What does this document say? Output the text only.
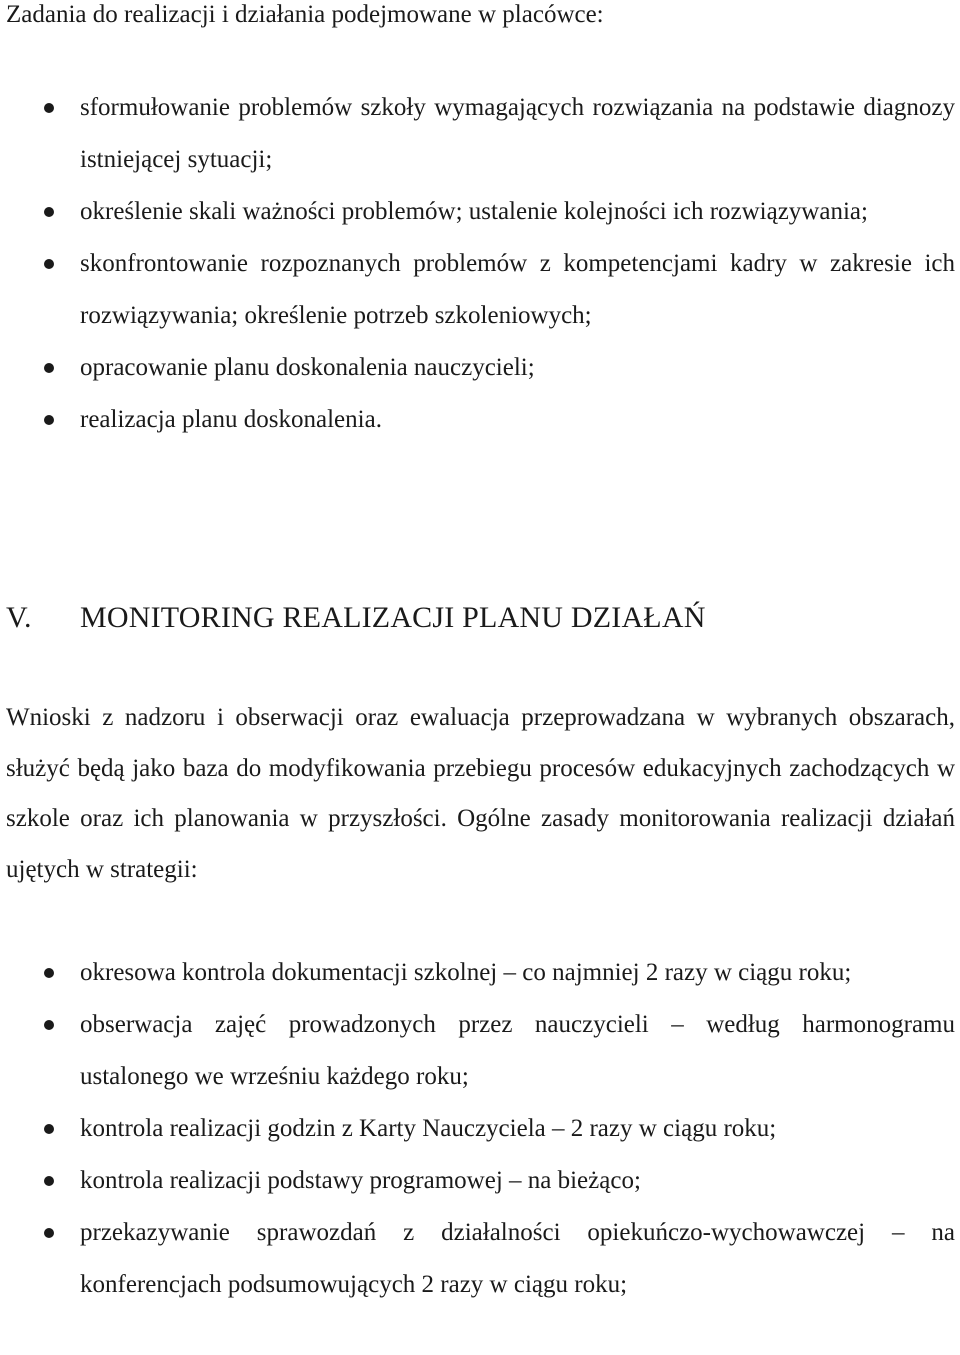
Zadania do realizacji i działania podejmowane w placówce:

sformułowanie problemów szkoły wymagających rozwiązania na podstawie diagnozy istniejącej sytuacji;
określenie skali ważności problemów; ustalenie kolejności ich rozwiązywania;
skonfrontowanie rozpoznanych problemów z kompetencjami kadry w zakresie ich rozwiązywania; określenie potrzeb szkoleniowych;
opracowanie planu doskonalenia nauczycieli;
realizacja planu doskonalenia.
V. MONITORING REALIZACJI PLANU DZIAŁAŃ

Wnioski z nadzoru i obserwacji oraz ewaluacja przeprowadzana w wybranych obszarach, służyć będą jako baza do modyfikowania przebiegu procesów edukacyjnych zachodzących w szkole oraz ich planowania w przyszłości. Ogólne zasady monitorowania realizacji działań ujętych w strategii:

okresowa kontrola dokumentacji szkolnej – co najmniej 2 razy w ciągu roku;
obserwacja zajęć prowadzonych przez nauczycieli – według harmonogramu ustalonego we wrześniu każdego roku;
kontrola realizacji godzin z Karty Nauczyciela – 2 razy w ciągu roku;
kontrola realizacji podstawy programowej – na bieżąco;
przekazywanie sprawozdań z działalności opiekuńczo-wychowawczej – na konferencjach podsumowujących 2 razy w ciągu roku;
